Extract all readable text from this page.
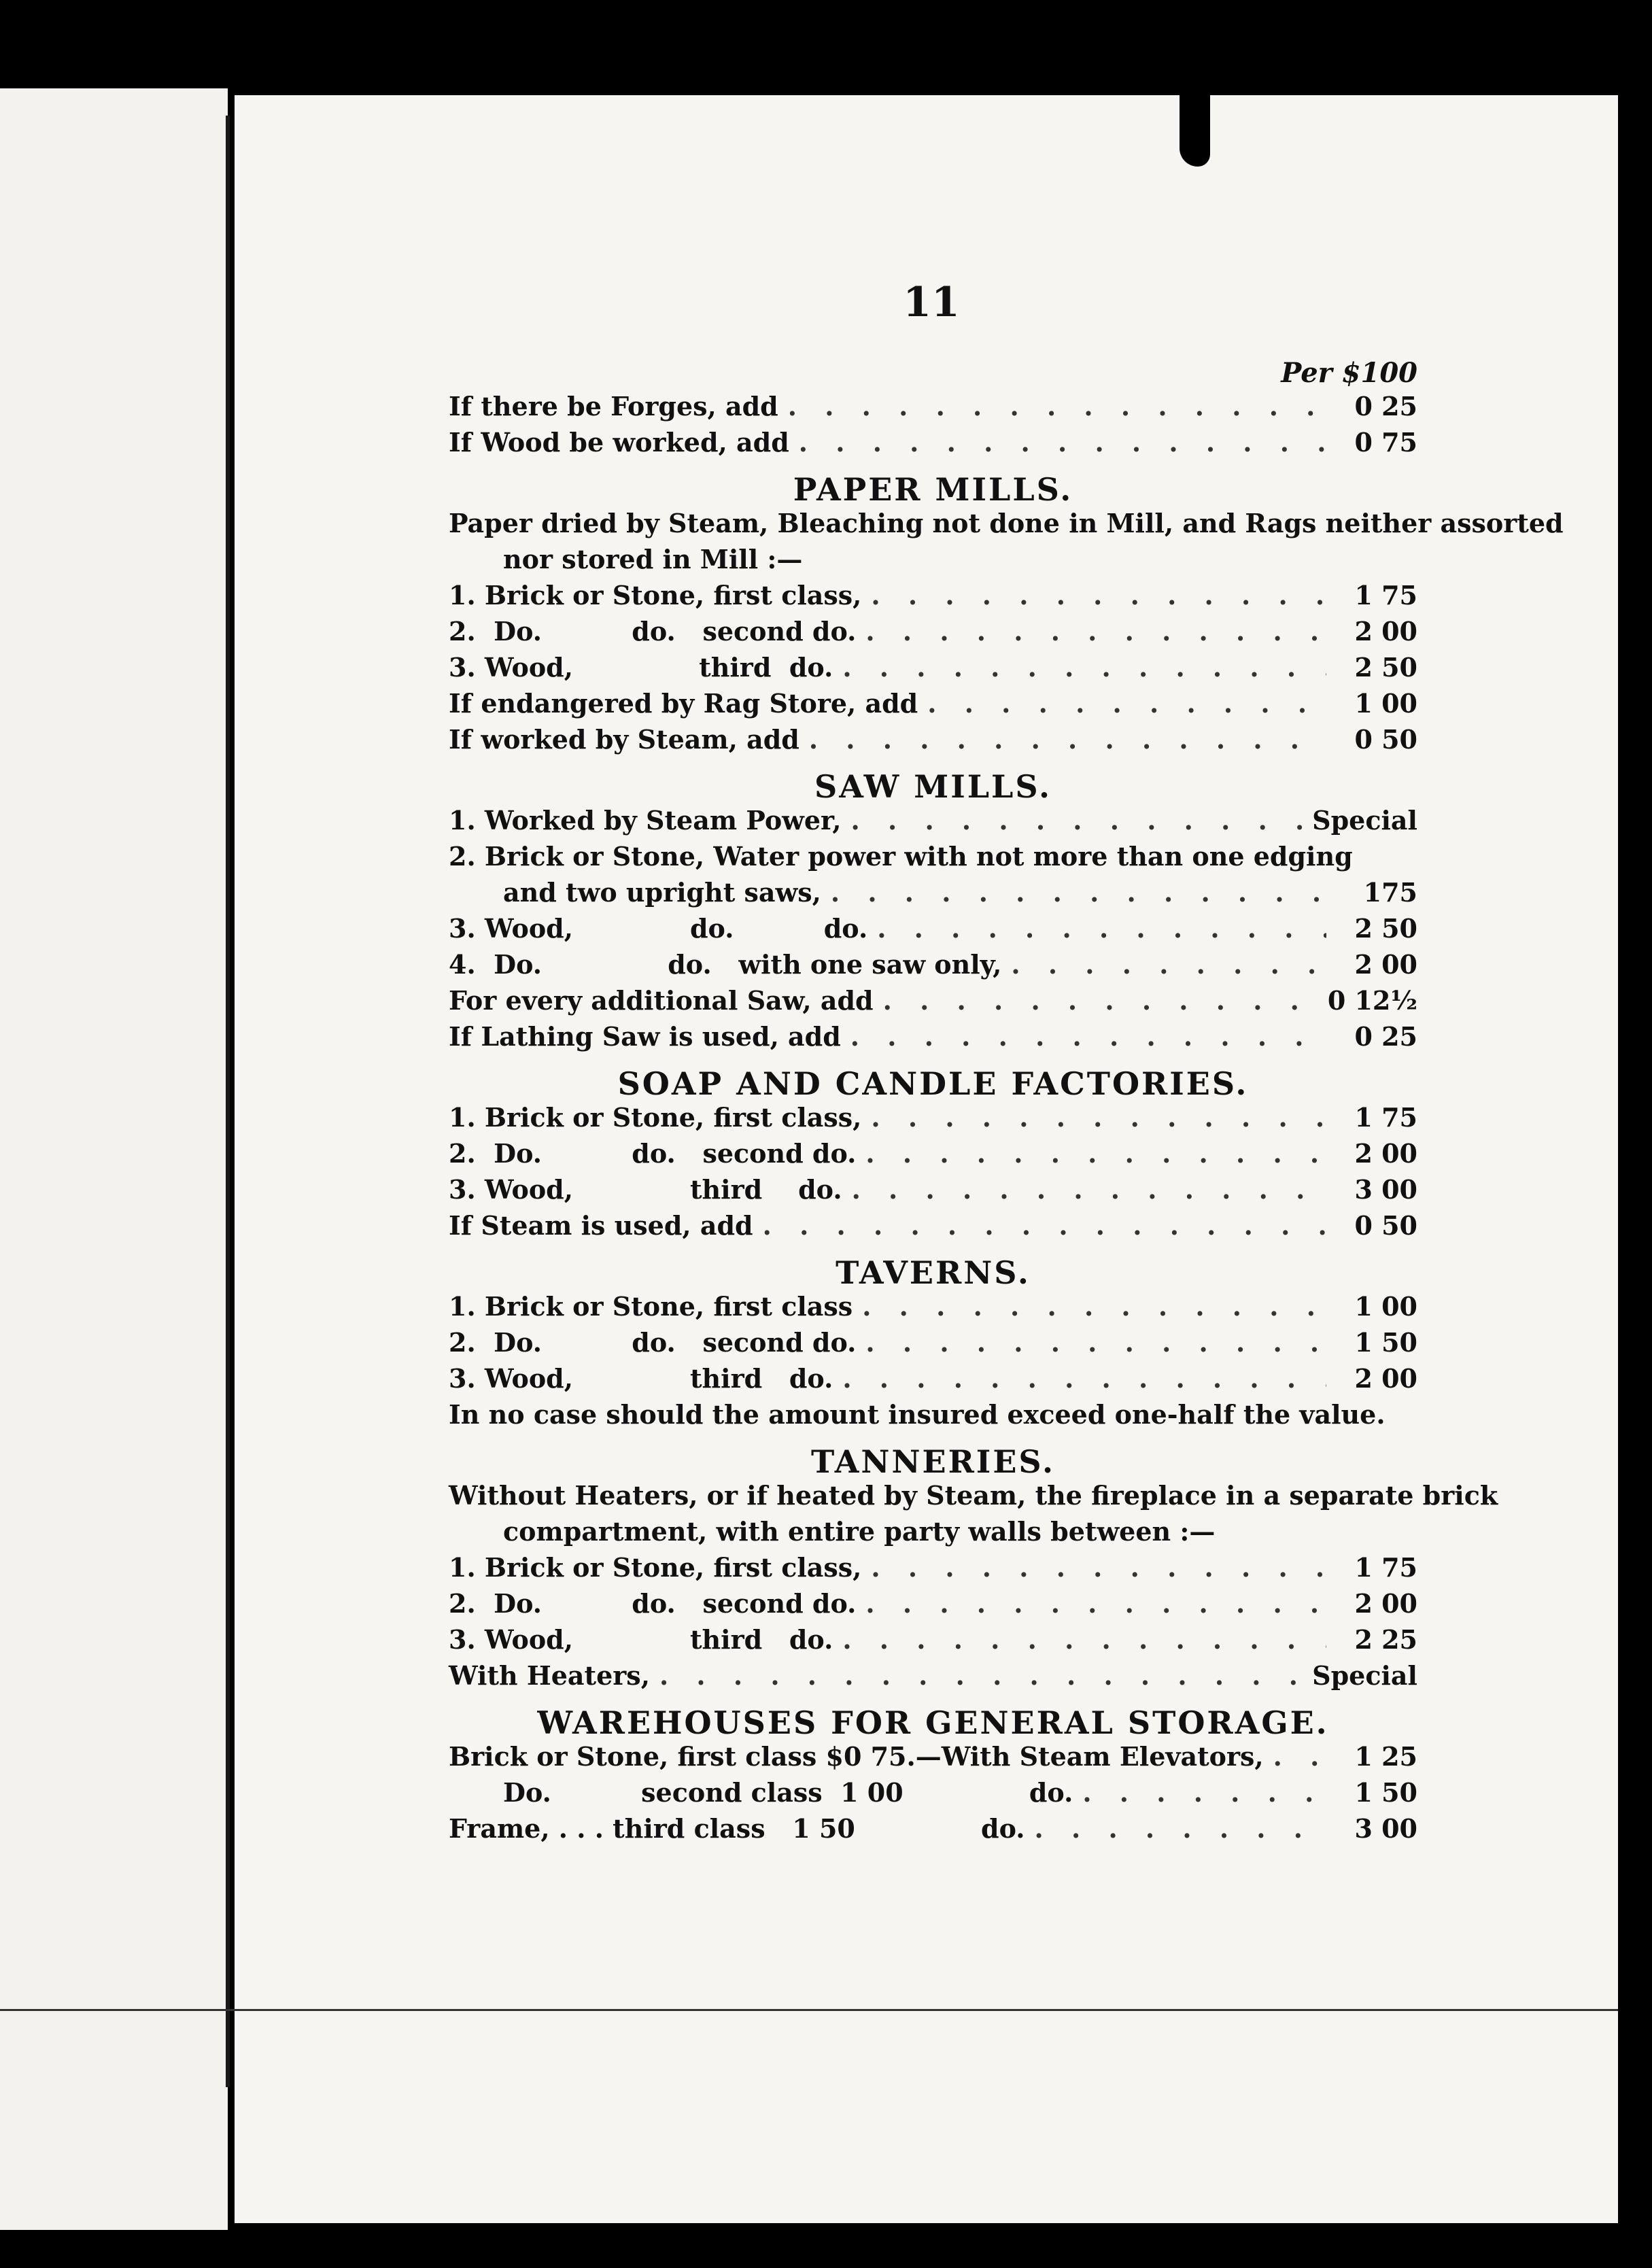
11
Per $100
If there be Forges, add . . .	0 25
If Wood be worked, add . . .	0 75
PAPER MILLS.
Paper dried by Steam, Bleaching not done in Mill, and Rags neither assorted
nor stored in Mill :—
1. Brick or Stone, first class, . . .	1 75
2.  Do.          do.   second do. . . .	2 00
3. Wood,              third  do. . . .	2 50
If endangered by Rag Store, add . . .	1 00
If worked by Steam, add . . .	0 50
SAW MILLS.
1. Worked by Steam Power, . . .	Special
2. Brick or Stone, Water power with not more than one edging
and two upright saws, . . .	175
3. Wood,             do.          do. . . .	2 50
4.  Do.              do.   with one saw only, . . .	2 00
For every additional Saw, add . . .	0 12½
If Lathing Saw is used, add . . .	0 25
SOAP AND CANDLE FACTORIES.
1. Brick or Stone, first class, . . .	1 75
2.  Do.          do.   second do. . . .	2 00
3. Wood,             third    do. . . .	3 00
If Steam is used, add . . .	0 50
TAVERNS.
1. Brick or Stone, first class . . .	1 00
2.  Do.          do.   second do. . . .	1 50
3. Wood,             third   do. . . .	2 00
In no case should the amount insured exceed one-half the value.
TANNERIES.
Without Heaters, or if heated by Steam, the fireplace in a separate brick
compartment, with entire party walls between :—
1. Brick or Stone, first class, . . .	1 75
2.  Do.          do.   second do. . . .	2 00
3. Wood,             third   do. . . .	2 25
With Heaters, . . .	Special
WAREHOUSES FOR GENERAL STORAGE.
Brick or Stone, first class $0 75.—With Steam Elevators, . . .	1 25
Do.          second class  1 00              do. . . .	1 50
Frame, . . . third class   1 50              do. . . .	3 00
